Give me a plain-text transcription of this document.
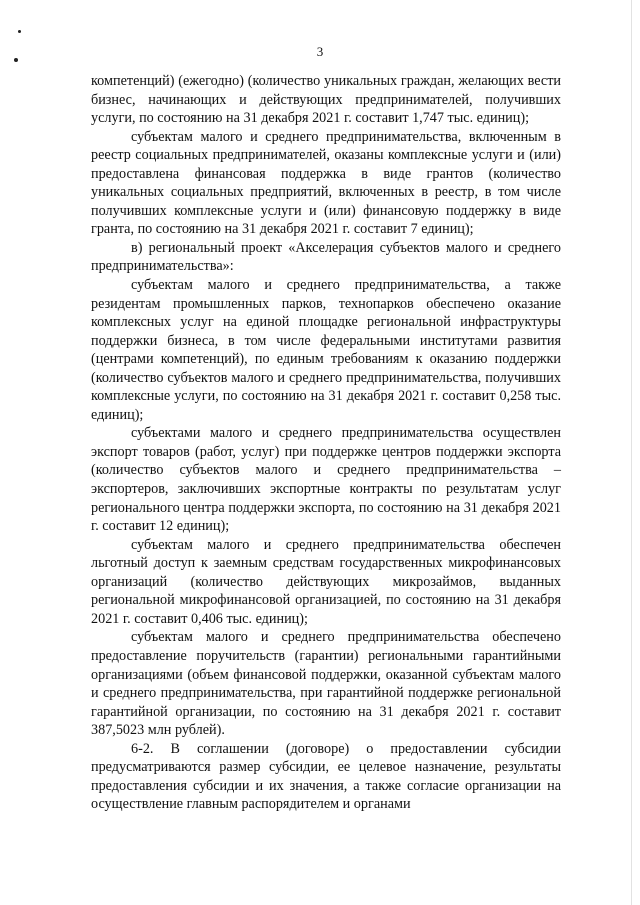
3

компетенций) (ежегодно) (количество уникальных граждан, желающих вести бизнес, начинающих и действующих предпринимателей, получивших услуги, по состоянию на 31 декабря 2021 г. составит 1,747 тыс. единиц);

субъектам малого и среднего предпринимательства, включенным в реестр социальных предпринимателей, оказаны комплексные услуги и (или) предоставлена финансовая поддержка в виде грантов (количество уникальных социальных предприятий, включенных в реестр, в том числе получивших комплексные услуги и (или) финансовую поддержку в виде гранта, по состоянию на 31 декабря 2021 г. составит 7 единиц);

в) региональный проект «Акселерация субъектов малого и среднего предпринимательства»:

субъектам малого и среднего предпринимательства, а также резидентам промышленных парков, технопарков обеспечено оказание комплексных услуг на единой площадке региональной инфраструктуры поддержки бизнеса, в том числе федеральными институтами развития (центрами компетенций), по единым требованиям к оказанию поддержки (количество субъектов малого и среднего предпринимательства, получивших комплексные услуги, по состоянию на 31 декабря 2021 г. составит 0,258 тыс. единиц);

субъектами малого и среднего предпринимательства осуществлен экспорт товаров (работ, услуг) при поддержке центров поддержки экспорта (количество субъектов малого и среднего предпринимательства – экспортеров, заключивших экспортные контракты по результатам услуг регионального центра поддержки экспорта, по состоянию на 31 декабря 2021 г. составит 12 единиц);

субъектам малого и среднего предпринимательства обеспечен льготный доступ к заемным средствам государственных микрофинансовых организаций (количество действующих микрозаймов, выданных региональной микрофинансовой организацией, по состоянию на 31 декабря 2021 г. составит 0,406 тыс. единиц);

субъектам малого и среднего предпринимательства обеспечено предоставление поручительств (гарантии) региональными гарантийными организациями (объем финансовой поддержки, оказанной субъектам малого и среднего предпринимательства, при гарантийной поддержке региональной гарантийной организации, по состоянию на 31 декабря 2021 г. составит 387,5023 млн рублей).

6-2. В соглашении (договоре) о предоставлении субсидии предусматриваются размер субсидии, ее целевое назначение, результаты предоставления субсидии и их значения, а также согласие организации на осуществление главным распорядителем и органами
